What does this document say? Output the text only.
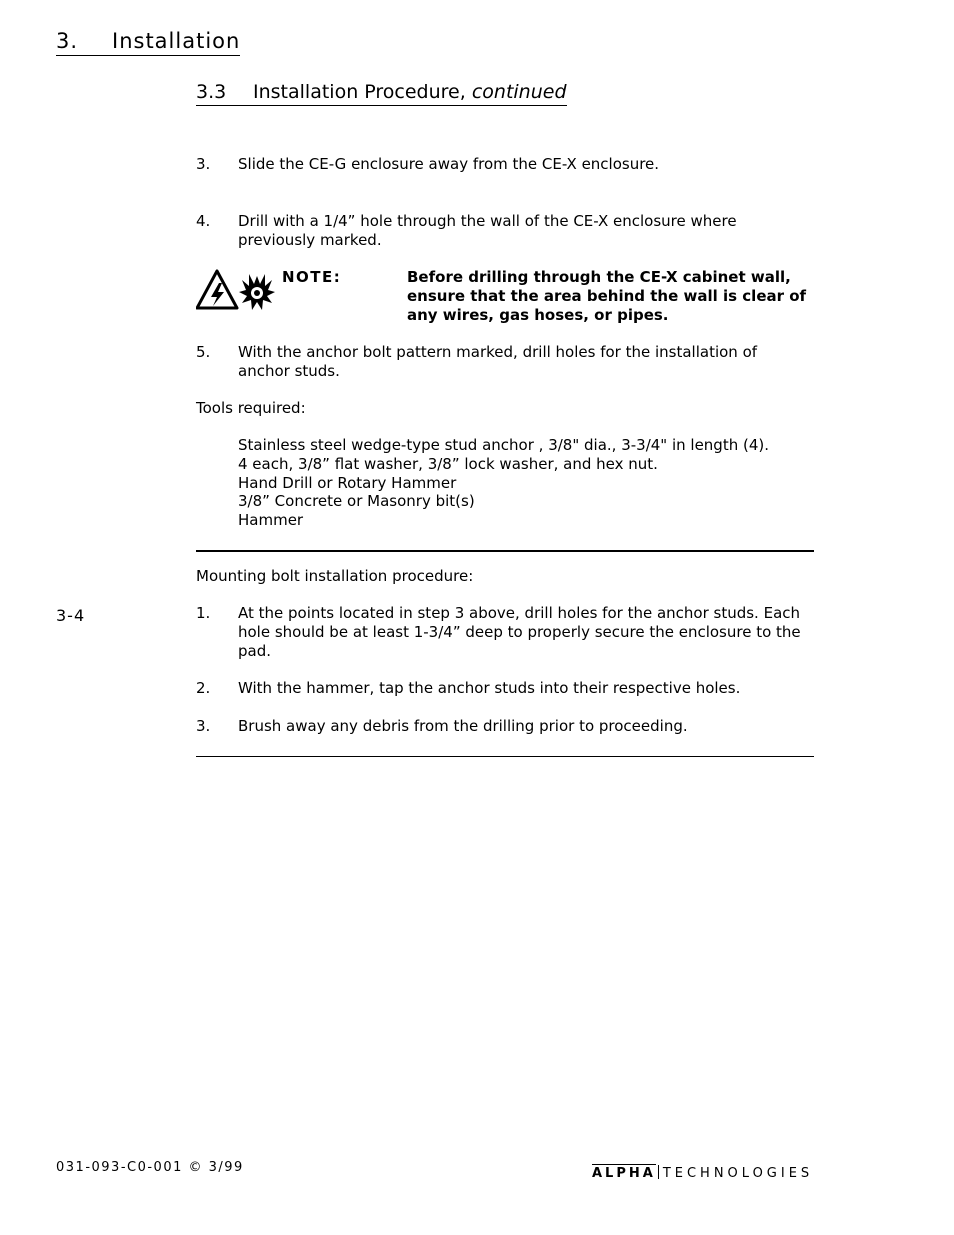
3. Installation
3.3 Installation Procedure, continued
3. Slide the CE-G enclosure away from the CE-X enclosure.
4. Drill with a 1/4” hole through the wall of the CE-X enclosure where previously marked.
NOTE:	Before drilling through the CE-X cabinet wall, ensure that the area behind the wall is clear of any wires, gas hoses, or pipes.
5. With the anchor bolt pattern marked, drill holes for the installation of anchor studs.
Tools required:
Stainless steel wedge-type stud anchor , 3/8" dia., 3-3/4" in length (4).
4 each, 3/8” flat washer, 3/8” lock washer, and hex nut.
Hand Drill or Rotary Hammer
3/8” Concrete or Masonry bit(s)
Hammer
Mounting bolt installation procedure:
3-4	1. At the points located in step 3 above, drill holes for the anchor studs. Each hole should be at least 1-3/4” deep to properly secure the enclosure to the pad.
2. With the hammer, tap the anchor studs into their respective holes.
3. Brush away any debris from the drilling prior to proceeding.
031-093-C0-001 © 3/99	ALPHA TECHNOLOGIES
